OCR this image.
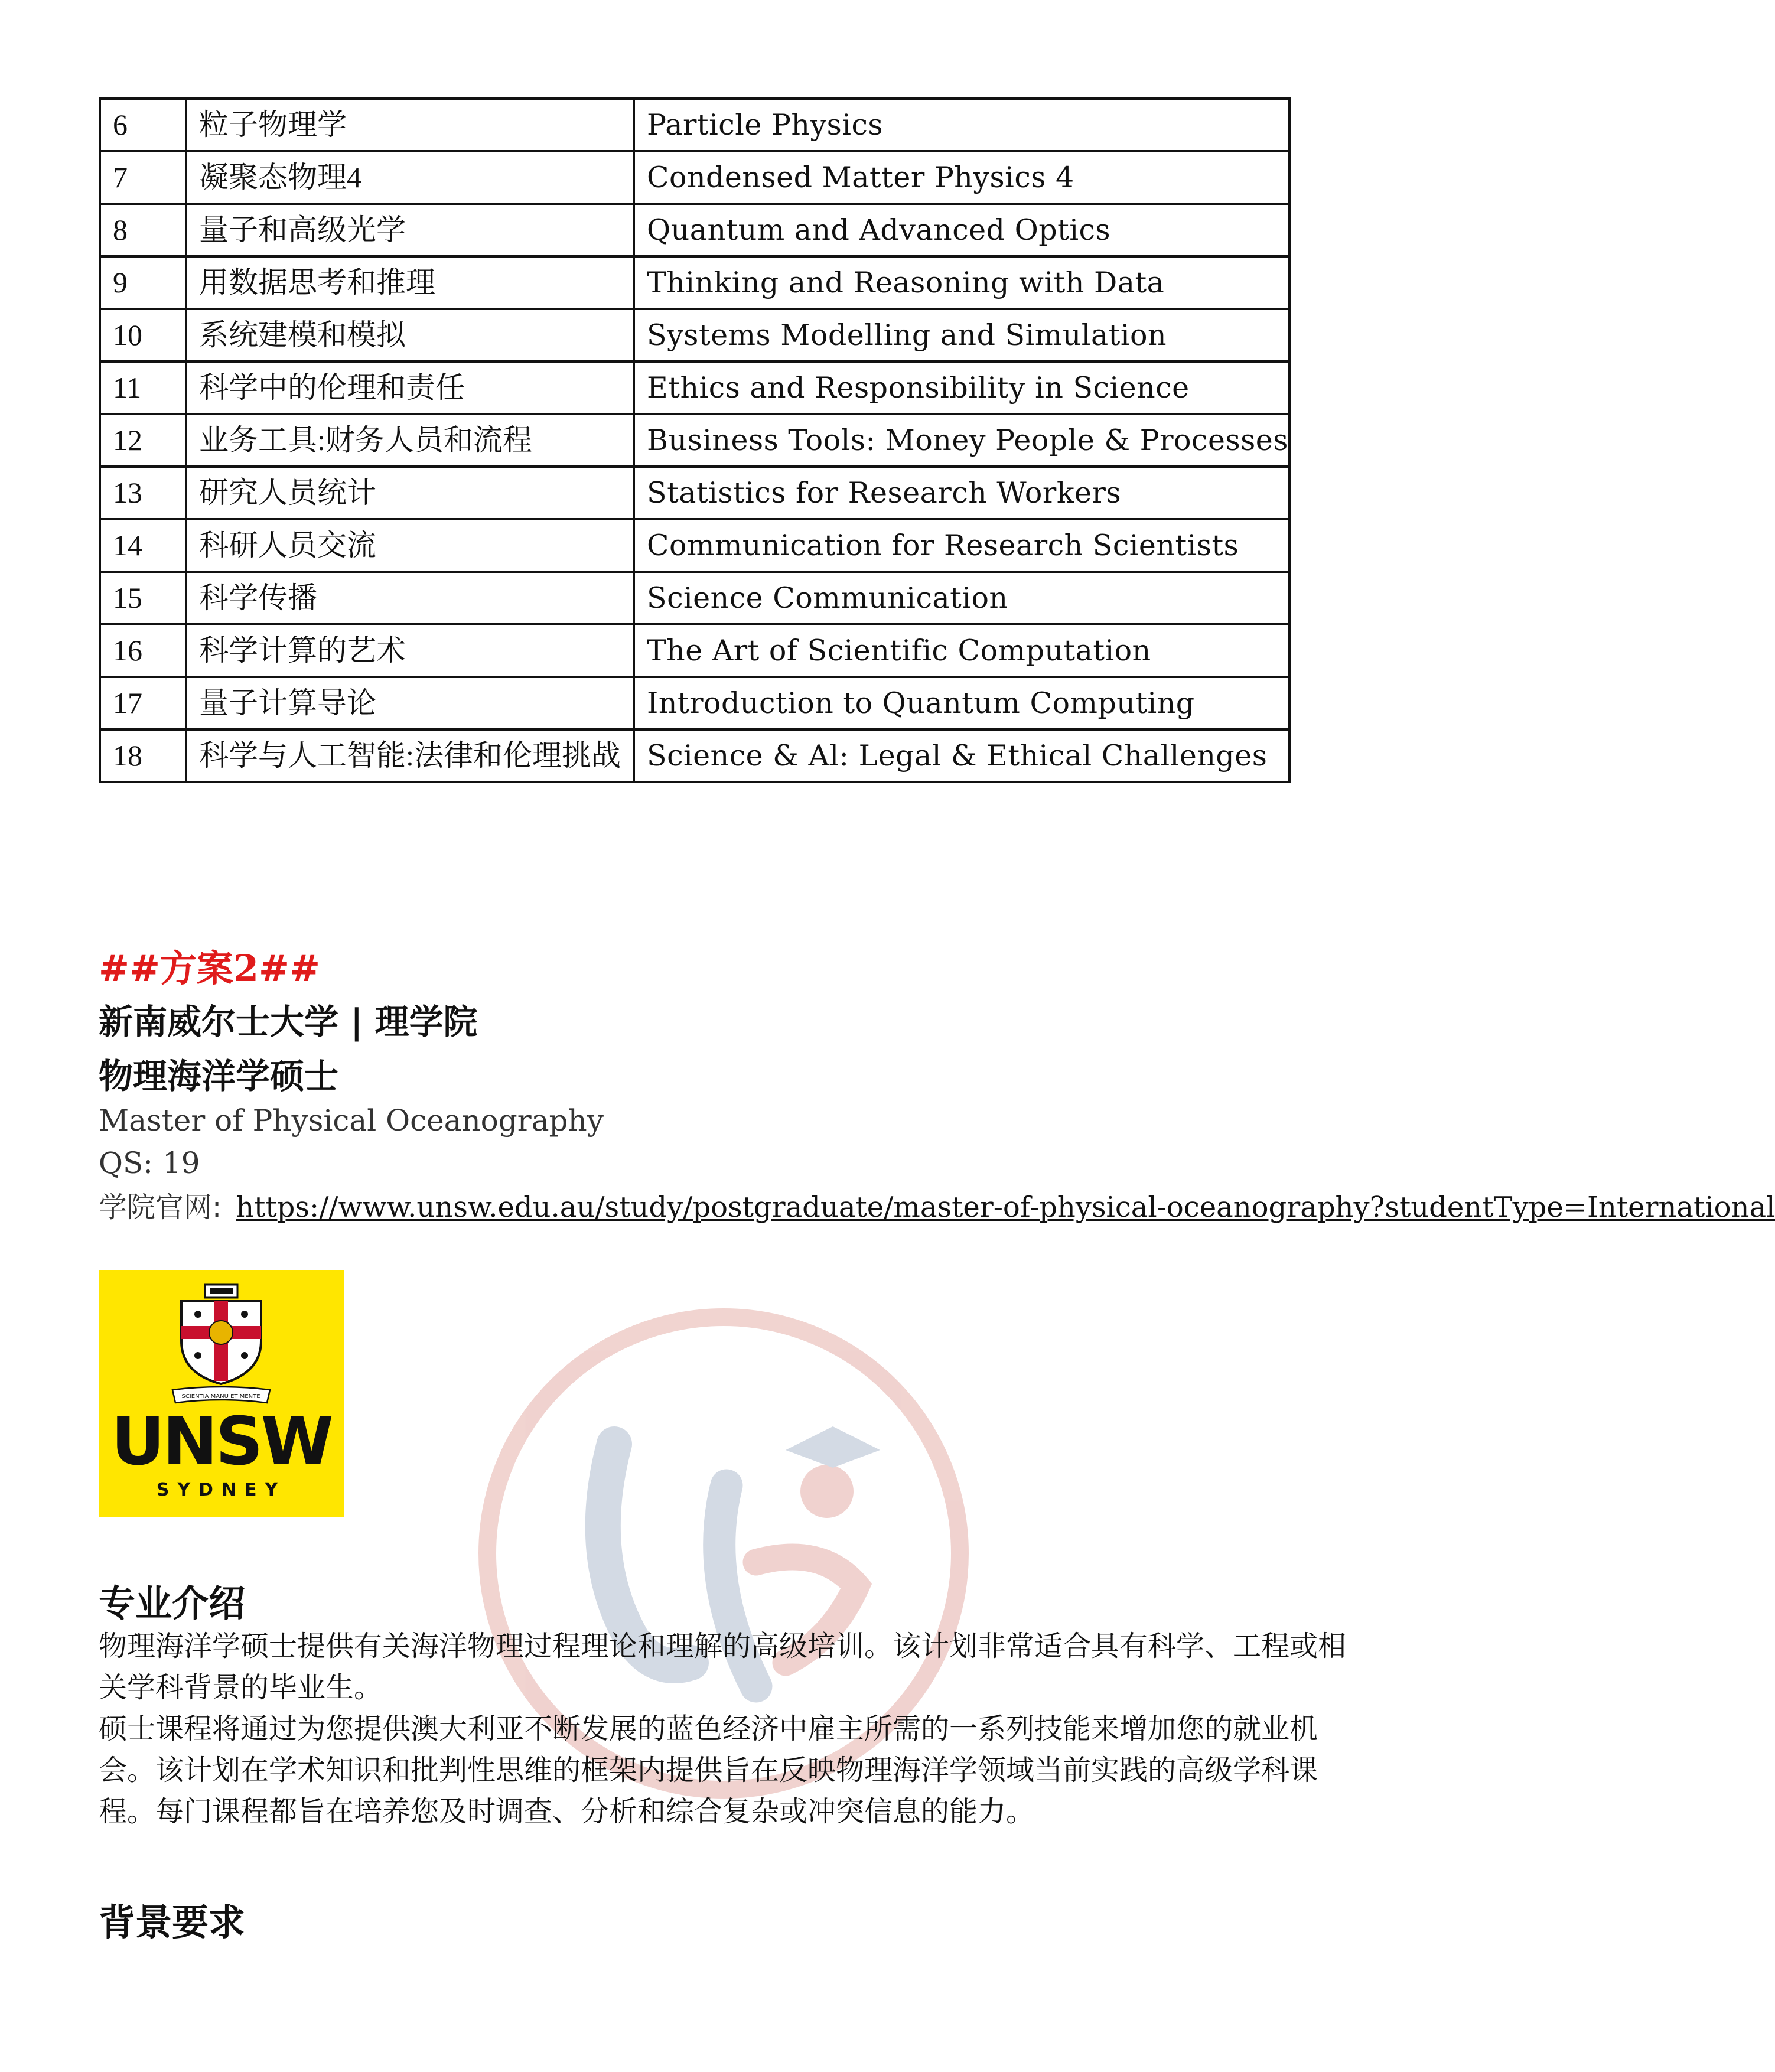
6	粒子物理学	Particle Physics
7	凝聚态物理4	Condensed Matter Physics 4
8	量子和高级光学	Quantum and Advanced Optics
9	用数据思考和推理	Thinking and Reasoning with Data
10	系统建模和模拟	Systems Modelling and Simulation
11	科学中的伦理和责任	Ethics and Responsibility in Science
12	业务工具:财务人员和流程	Business Tools: Money People & Processes
13	研究人员统计	Statistics for Research Workers
14	科研人员交流	Communication for Research Scientists
15	科学传播	Science Communication
16	科学计算的艺术	The Art of Scientific Computation
17	量子计算导论	Introduction to Quantum Computing
18	科学与人工智能:法律和伦理挑战	Science & Al: Legal & Ethical Challenges
##方案2##
新南威尔士大学 | 理学院
物理海洋学硕士

Master of Physical Oceanography

QS: 19

学院官网: https://www.unsw.edu.au/study/postgraduate/master-of-physical-oceanography?studentType=International
SCIENTIA MANU ET MENTE
UNSW
SYDNEY
专业介绍

物理海洋学硕士提供有关海洋物理过程理论和理解的高级培训。该计划非常适合具有科学、工程或相关学科背景的毕业生。

硕士课程将通过为您提供澳大利亚不断发展的蓝色经济中雇主所需的一系列技能来增加您的就业机会。该计划在学术知识和批判性思维的框架内提供旨在反映物理海洋学领域当前实践的高级学科课程。每门课程都旨在培养您及时调查、分析和综合复杂或冲突信息的能力。

背景要求
